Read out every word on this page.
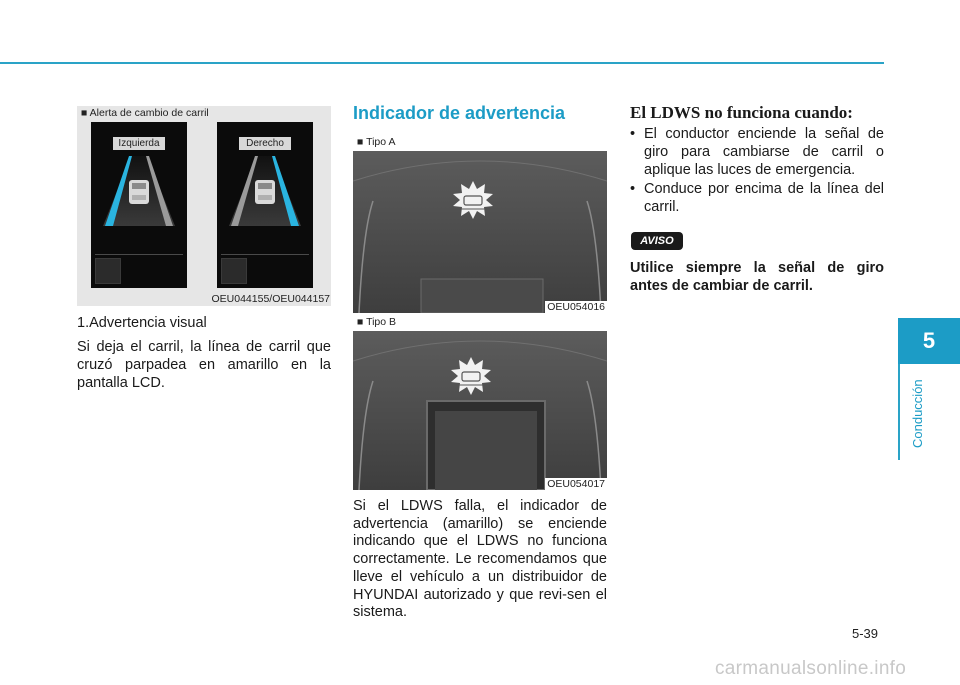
■ Alerta de cambio de carril
Izquierda	Derecho
OEU044155/OEU044157

1.Advertencia visual

Si deja el carril, la línea de carril que cruzó parpadea en amarillo en la pantalla LCD.

Indicador de advertencia
■ Tipo A
OEU054016
■ Tipo B
OEU054017

Si el LDWS falla, el indicador de advertencia (amarillo) se enciende indicando que el LDWS no funciona correctamente. Le recomendamos que lleve el vehículo a un distribuidor de HYUNDAI autorizado y que revi-sen el sistema.

El LDWS no funciona cuando:
• El conductor enciende la señal de giro para cambiarse de carril o aplique las luces de emergencia.
• Conduce por encima de la línea del carril.
AVISO

Utilice siempre la señal de giro antes de cambiar de carril.

5
Conducción
5-39
carmanualsonline.info
